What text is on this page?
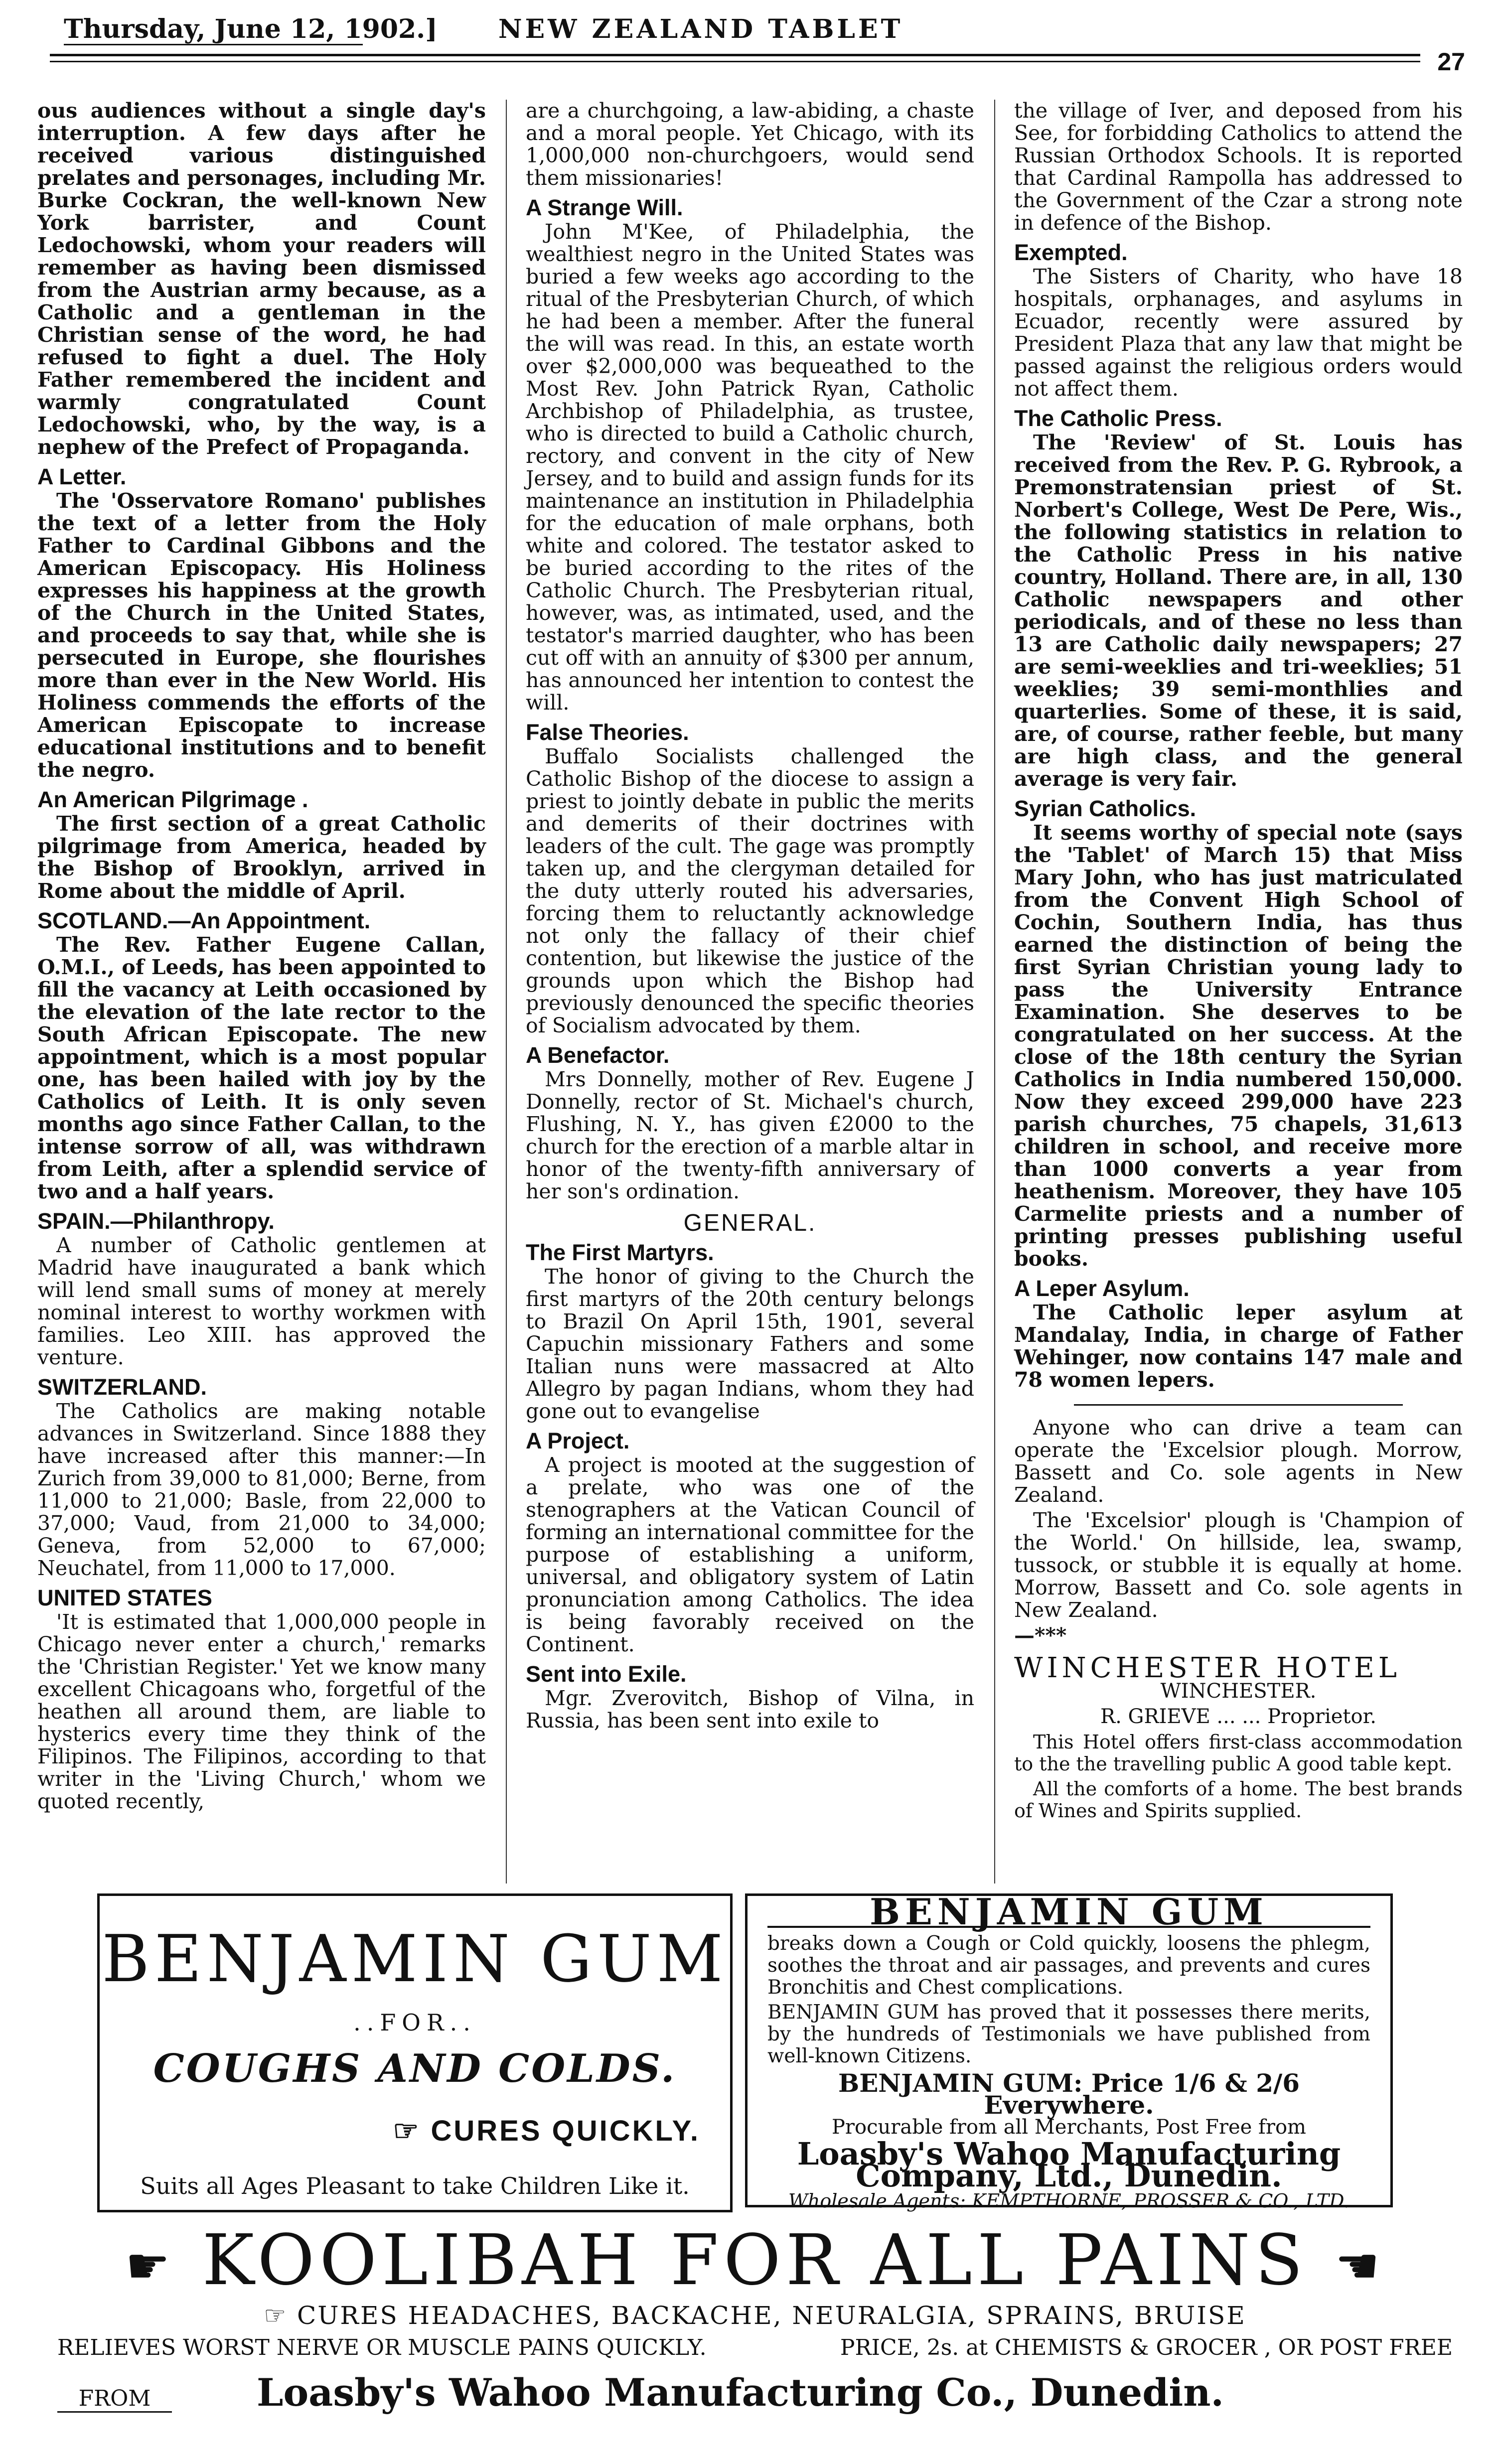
Thursday, June 12, 1902.] NEW ZEALAND TABLET
27

ous audiences without a single day's interruption. A few days after he received various distinguished prelates and personages, including Mr. Burke Cockran, the well-known New York barrister, and Count Ledochowski, whom your readers will remember as having been dismissed from the Austrian army because, as a Catholic and a gentleman in the Christian sense of the word, he had refused to fight a duel. The Holy Father remembered the incident and warmly congratulated Count Ledochowski, who, by the way, is a nephew of the Prefect of Propaganda.

A Letter.

The 'Osservatore Romano' publishes the text of a letter from the Holy Father to Cardinal Gibbons and the American Episcopacy. His Holiness expresses his happiness at the growth of the Church in the United States, and proceeds to say that, while she is persecuted in Europe, she flourishes more than ever in the New World. His Holiness commends the efforts of the American Episcopate to increase educational institutions and to benefit the negro.

An American Pilgrimage .

The first section of a great Catholic pilgrimage from America, headed by the Bishop of Brooklyn, arrived in Rome about the middle of April.

SCOTLAND.—An Appointment.

The Rev. Father Eugene Callan, O.M.I., of Leeds, has been appointed to fill the vacancy at Leith occasioned by the elevation of the late rector to the South African Episcopate. The new appointment, which is a most popular one, has been hailed with joy by the Catholics of Leith. It is only seven months ago since Father Callan, to the intense sorrow of all, was withdrawn from Leith, after a splendid service of two and a half years.

SPAIN.—Philanthropy.

A number of Catholic gentlemen at Madrid have inaugurated a bank which will lend small sums of money at merely nominal interest to worthy workmen with families. Leo XIII. has approved the venture.

SWITZERLAND.

The Catholics are making notable advances in Switzerland. Since 1888 they have increased after this manner:—In Zurich from 39,000 to 81,000; Berne, from 11,000 to 21,000; Basle, from 22,000 to 37,000; Vaud, from 21,000 to 34,000; Geneva, from 52,000 to 67,000; Neuchatel, from 11,000 to 17,000.

UNITED STATES

'It is estimated that 1,000,000 people in Chicago never enter a church,' remarks the 'Christian Register.' Yet we know many excellent Chicagoans who, forgetful of the heathen all around them, are liable to hysterics every time they think of the Filipinos. The Filipinos, according to that writer in the 'Living Church,' whom we quoted recently,

are a churchgoing, a law-abiding, a chaste and a moral people. Yet Chicago, with its 1,000,000 non-churchgoers, would send them missionaries!

A Strange Will.

John M'Kee, of Philadelphia, the wealthiest negro in the United States was buried a few weeks ago according to the ritual of the Presbyterian Church, of which he had been a member. After the funeral the will was read. In this, an estate worth over $2,000,000 was bequeathed to the Most Rev. John Patrick Ryan, Catholic Archbishop of Philadelphia, as trustee, who is directed to build a Catholic church, rectory, and convent in the city of New Jersey, and to build and assign funds for its maintenance an institution in Philadelphia for the education of male orphans, both white and colored. The testator asked to be buried according to the rites of the Catholic Church. The Presbyterian ritual, however, was, as intimated, used, and the testator's married daughter, who has been cut off with an annuity of $300 per annum, has announced her intention to contest the will.

False Theories.

Buffalo Socialists challenged the Catholic Bishop of the diocese to assign a priest to jointly debate in public the merits and demerits of their doctrines with leaders of the cult. The gage was promptly taken up, and the clergyman detailed for the duty utterly routed his adversaries, forcing them to reluctantly acknowledge not only the fallacy of their chief contention, but likewise the justice of the grounds upon which the Bishop had previously denounced the specific theories of Socialism advocated by them.

A Benefactor.

Mrs Donnelly, mother of Rev. Eugene J Donnelly, rector of St. Michael's church, Flushing, N. Y., has given £2000 to the church for the erection of a marble altar in honor of the twenty-fifth anniversary of her son's ordination.

GENERAL.
The First Martyrs.

The honor of giving to the Church the first martyrs of the 20th century belongs to Brazil On April 15th, 1901, several Capuchin missionary Fathers and some Italian nuns were massacred at Alto Allegro by pagan Indians, whom they had gone out to evangelise

A Project.

A project is mooted at the suggestion of a prelate, who was one of the stenographers at the Vatican Council of forming an international committee for the purpose of establishing a uniform, universal, and obligatory system of Latin pronunciation among Catholics. The idea is being favorably received on the Continent.

Sent into Exile.

Mgr. Zverovitch, Bishop of Vilna, in Russia, has been sent into exile to

the village of Iver, and deposed from his See, for forbidding Catholics to attend the Russian Orthodox Schools. It is reported that Cardinal Rampolla has addressed to the Government of the Czar a strong note in defence of the Bishop.

Exempted.

The Sisters of Charity, who have 18 hospitals, orphanages, and asylums in Ecuador, recently were assured by President Plaza that any law that might be passed against the religious orders would not affect them.

The Catholic Press.

The 'Review' of St. Louis has received from the Rev. P. G. Rybrook, a Premonstratensian priest of St. Norbert's College, West De Pere, Wis., the following statistics in relation to the Catholic Press in his native country, Holland. There are, in all, 130 Catholic newspapers and other periodicals, and of these no less than 13 are Catholic daily newspapers; 27 are semi-weeklies and tri-weeklies; 51 weeklies; 39 semi-monthlies and quarterlies. Some of these, it is said, are, of course, rather feeble, but many are high class, and the general average is very fair.

Syrian Catholics.

It seems worthy of special note (says the 'Tablet' of March 15) that Miss Mary John, who has just matriculated from the Convent High School of Cochin, Southern India, has thus earned the distinction of being the first Syrian Christian young lady to pass the University Entrance Examination. She deserves to be congratulated on her success. At the close of the 18th century the Syrian Catholics in India numbered 150,000. Now they exceed 299,000 have 223 parish churches, 75 chapels, 31,613 children in school, and receive more than 1000 converts a year from heathenism. Moreover, they have 105 Carmelite priests and a number of printing presses publishing useful books.

A Leper Asylum.

The Catholic leper asylum at Mandalay, India, in charge of Father Wehinger, now contains 147 male and 78 women lepers.

Anyone who can drive a team can operate the 'Excelsior plough. Morrow, Bassett and Co. sole agents in New Zealand.

The 'Excelsior' plough is 'Champion of the World.' On hillside, lea, swamp, tussock, or stubble it is equally at home. Morrow, Bassett and Co. sole agents in New Zealand.

—***
WINCHESTER HOTEL
WINCHESTER.
R. GRIEVE ... ... Proprietor.

This Hotel offers first-class accommodation to the the travelling public A good table kept.

All the comforts of a home. The best brands of Wines and Spirits supplied.

BENJAMIN GUM
..FOR..
COUGHS AND COLDS.
☞ CURES QUICKLY.
Suits all Ages Pleasant to take Children Like it.
BENJAMIN GUM

breaks down a Cough or Cold quickly, loosens the phlegm, soothes the throat and air passages, and prevents and cures Bronchitis and Chest complications.

BENJAMIN GUM has proved that it possesses there merits, by the hundreds of Testimonials we have published from well-known Citizens.

BENJAMIN GUM: Price 1/6 & 2/6 Everywhere.
Procurable from all Merchants, Post Free from
Loasby's Wahoo Manufacturing Company, Ltd., Dunedin.
Wholesale Agents: KEMPTHORNE, PROSSER & CO., LTD.
☛ KOOLIBAH FOR ALL PAINS ☚
☞ CURES HEADACHES, BACKACHE, NEURALGIA, SPRAINS, BRUISE
RELIEVES WORST NERVE OR MUSCLE PAINS QUICKLY.	PRICE, 2s. at CHEMISTS & GROCER , OR POST FREE
FROM	Loasby's Wahoo Manufacturing Co., Dunedin.
